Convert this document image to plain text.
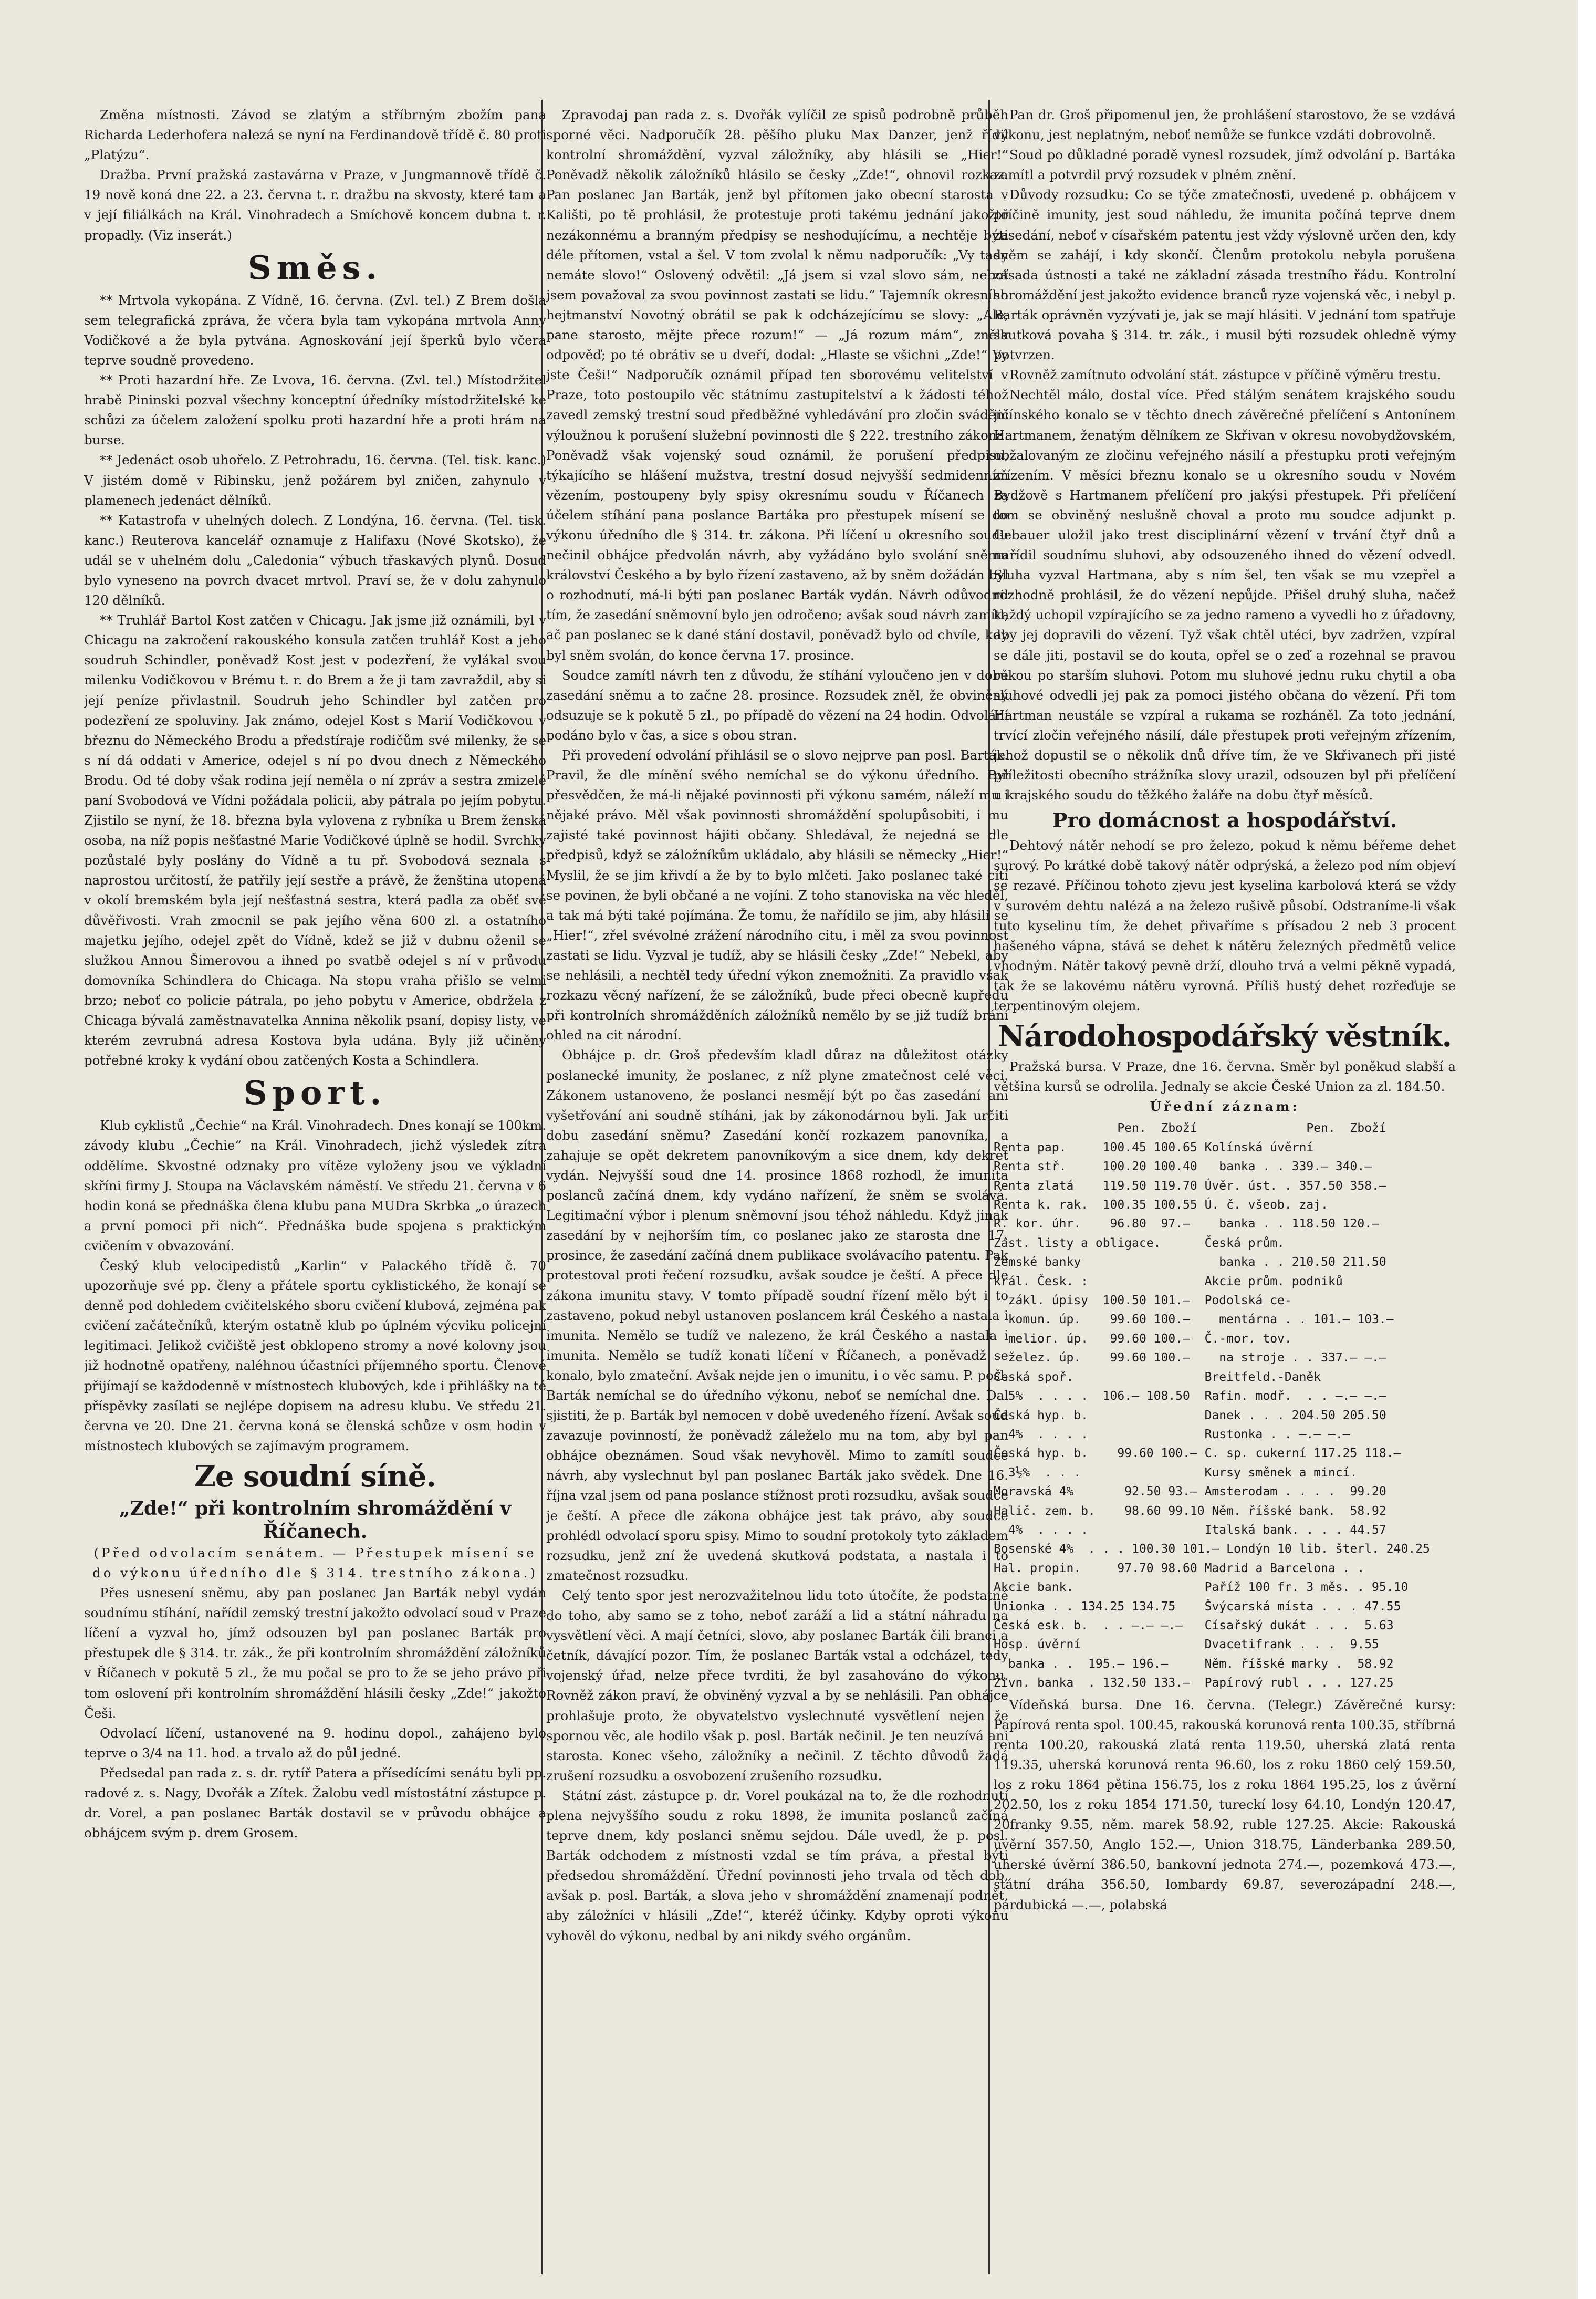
Změna místnosti. Závod se zlatým a stříbrným zbožím pana Richarda Lederhofera nalezá se nyní na Ferdinandově třídě č. 80 proti „Platýzu“.

Dražba. První pražská zastavárna v Praze, v Jungmannově třídě č. 19 nově koná dne 22. a 23. června t. r. dražbu na skvosty, které tam a v její filiálkách na Král. Vinohradech a Smíchově koncem dubna t. r. propadly. (Viz inserát.)

Směs.

** Mrtvola vykopána. Z Vídně, 16. června. (Zvl. tel.) Z Brem došla sem telegrafická zpráva, že včera byla tam vykopána mrtvola Anny Vodičkové a že byla pytvána. Agnoskování její šperků bylo včera teprve soudně provedeno.

** Proti hazardní hře. Ze Lvova, 16. června. (Zvl. tel.) Místodržitel hrabě Pininski pozval všechny konceptní úředníky místodržitelské ke schůzi za účelem založení spolku proti hazardní hře a proti hrám na burse.

** Jedenáct osob uhořelo. Z Petrohradu, 16. června. (Tel. tisk. kanc.) V jistém domě v Ribinsku, jenž požárem byl zničen, zahynulo v plamenech jedenáct dělníků.

** Katastrofa v uhelných dolech. Z Londýna, 16. června. (Tel. tisk. kanc.) Reuterova kancelář oznamuje z Halifaxu (Nové Skotsko), že udál se v uhelném dolu „Caledonia“ výbuch třaskavých plynů. Dosud bylo vyneseno na povrch dvacet mrtvol. Praví se, že v dolu zahynulo 120 dělníků.

** Truhlář Bartol Kost zatčen v Chicagu. Jak jsme již oznámili, byl v Chicagu na zakročení rakouského konsula zatčen truhlář Kost a jeho soudruh Schindler, poněvadž Kost jest v podezření, že vylákal svou milenku Vodičkovou v Brému t. r. do Brem a že ji tam zavraždil, aby si její peníze přivlastnil. Soudruh jeho Schindler byl zatčen pro podezření ze spoluviny. Jak známo, odejel Kost s Marií Vodičkovou v březnu do Německého Brodu a předstíraje rodičům své milenky, že se s ní dá oddati v Americe, odejel s ní po dvou dnech z Německého Brodu. Od té doby však rodina její neměla o ní zpráv a sestra zmizelé paní Svobodová ve Vídni požádala policii, aby pátrala po jejím pobytu. Zjistilo se nyní, že 18. března byla vylovena z rybníka u Brem ženská osoba, na níž popis nešťastné Marie Vodičkové úplně se hodil. Svrchky pozůstalé byly poslány do Vídně a tu př. Svobodová seznala s naprostou určitostí, že patřily její sestře a právě, že ženština utopená v okolí bremském byla její nešťastná sestra, která padla za oběť své důvěřivosti. Vrah zmocnil se pak jejího věna 600 zl. a ostatního majetku jejího, odejel zpět do Vídně, kdež se již v dubnu oženil se služkou Annou Šimerovou a ihned po svatbě odejel s ní v průvodu domovníka Schindlera do Chicaga. Na stopu vraha přišlo se velmi brzo; neboť co policie pátrala, po jeho pobytu v Americe, obdržela z Chicaga bývalá zaměstnavatelka Annina několik psaní, dopisy listy, ve kterém zevrubná adresa Kostova byla udána. Byly již učiněny potřebné kroky k vydání obou zatčených Kosta a Schindlera.

Sport.

Klub cyklistů „Čechie“ na Král. Vinohradech. Dnes konají se 100km. závody klubu „Čechie“ na Král. Vinohradech, jichž výsledek zítra oddělíme. Skvostné odznaky pro vítěze vyloženy jsou ve výkladní skříni firmy J. Stoupa na Václavském náměstí. Ve středu 21. června v 6 hodin koná se přednáška člena klubu pana MUDra Skrbka „o úrazech a první pomoci při nich“. Přednáška bude spojena s praktickým cvičením v obvazování.

Český klub velocipedistů „Karlin“ v Palackého třídě č. 70 upozorňuje své pp. členy a přátele sportu cyklistického, že konají se denně pod dohledem cvičitelského sboru cvičení klubová, zejména pak cvičení začátečníků, kterým ostatně klub po úplném výcviku policejní legitimaci. Jelikož cvičiště jest obklopeno stromy a nové kolovny jsou již hodnotně opatřeny, naléhnou účastníci příjemného sportu. Členové přijímají se každodenně v místnostech klubových, kde i přihlášky na té příspěvky zasílati se nejlépe dopisem na adresu klubu. Ve středu 21. června ve 20. Dne 21. června koná se členská schůze v osm hodin v místnostech klubových se zajímavým programem.

Ze soudní síně.
„Zde!“ při kontrolním shromáždění v Říčanech.

(Před odvolacím senátem. — Přestupek mísení se do výkonu úředního dle § 314. trestního zákona.)

Přes usnesení sněmu, aby pan poslanec Jan Barták nebyl vydán soudnímu stíhání, nařídil zemský trestní jakožto odvolací soud v Praze líčení a vyzval ho, jímž odsouzen byl pan poslanec Barták pro přestupek dle § 314. tr. zák., že při kontrolním shromáždění záložníků v Říčanech v pokutě 5 zl., že mu počal se pro to že se jeho právo při tom oslovení při kontrolním shromáždění hlásili česky „Zde!“ jakožto Češi.

Odvolací líčení, ustanovené na 9. hodinu dopol., zahájeno bylo teprve o 3/4 na 11. hod. a trvalo až do půl jedné.

Předsedal pan rada z. s. dr. rytíř Patera a přísedícími senátu byli pp. radové z. s. Nagy, Dvořák a Zítek. Žalobu vedl místostátní zástupce p. dr. Vorel, a pan poslanec Barták dostavil se v průvodu obhájce a obhájcem svým p. drem Grosem.

Zpravodaj pan rada z. s. Dvořák vylíčil ze spisů podrobně průběh sporné věci. Nadporučík 28. pěšího pluku Max Danzer, jenž řídil kontrolní shromáždění, vyzval záložníky, aby hlásili se „Hier!“ Poněvadž několik záložníků hlásilo se česky „Zde!“, ohnovil rozkaz. Pan poslanec Jan Barták, jenž byl přítomen jako obecní starosta v Kališti, po tě prohlásil, že protestuje proti takému jednání jakožto nezákonnému a branným předpisy se neshodujícímu, a nechtěje býti déle přítomen, vstal a šel. V tom zvolal k němu nadporučík: „Vy tady nemáte slovo!“ Oslovený odvětil: „Já jsem si vzal slovo sám, neboť jsem považoval za svou povinnost zastati se lidu.“ Tajemník okresního hejtmanství Novotný obrátil se pak k odcházejícímu se slovy: „Ale, pane starosto, mějte přece rozum!“ — „Já rozum mám“, zněla odpověď; po té obrátiv se u dveří, dodal: „Hlaste se všichni „Zde!“ Vy jste Češi!“ Nadporučík oznámil případ ten sborovému velitelství v Praze, toto postoupilo věc státnímu zastupitelství a k žádosti téhož zavedl zemský trestní soud předběžné vyhledávání pro zločin svádění výloužnou k porušení služební povinnosti dle § 222. trestního zákona. Poněvadž však vojenský soud oznámil, že porušení předpisu, týkajícího se hlášení mužstva, trestní dosud nejvyšší sedmidenním vězením, postoupeny byly spisy okresnímu soudu v Říčanech za účelem stíhání pana poslance Bartáka pro přestupek mísení se do výkonu úředního dle § 314. tr. zákona. Při líčení u okresního soudu nečinil obhájce předvolán návrh, aby vyžádáno bylo svolání sněmu království Českého a by bylo řízení zastaveno, až by sněm dožádán byl o rozhodnutí, má-li býti pan poslanec Barták vydán. Návrh odůvodnil tím, že zasedání sněmovní bylo jen odročeno; avšak soud návrh zamítl, ač pan poslanec se k dané stání dostavil, poněvadž bylo od chvíle, kdy byl sněm svolán, do konce června 17. prosince.

Soudce zamítl návrh ten z důvodu, že stíhání vyloučeno jen v době zasedání sněmu a to začne 28. prosince. Rozsudek zněl, že obviněný odsuzuje se k pokutě 5 zl., po případě do vězení na 24 hodin. Odvolání podáno bylo v čas, a sice s obou stran.

Při provedení odvolání přihlásil se o slovo nejprve pan posl. Barták. Pravil, že dle mínění svého nemíchal se do výkonu úředního. Byl přesvědčen, že má-li nějaké povinnosti při výkonu samém, náleží mu i nějaké právo. Měl však povinnosti shromáždění spolupůsobiti, i mu zajisté také povinnost hájiti občany. Shledával, že nejedná se dle předpisů, když se záložníkům ukládalo, aby hlásili se německy „Hier!“ Myslil, že se jim křivdí a že by to bylo mlčeti. Jako poslanec také cítí se povinen, že byli občané a ne vojíni. Z toho stanoviska na věc hleděl, a tak má býti také pojímána. Že tomu, že nařídilo se jim, aby hlásili se „Hier!“, zřel svévolné zrážení národního citu, i měl za svou povinnost zastati se lidu. Vyzval je tudíž, aby se hlásili česky „Zde!“ Nebekl, aby se nehlásili, a nechtěl tedy úřední výkon znemožniti. Za pravidlo však rozkazu věcný nařízení, že se záložníků, bude přeci obecně kupředu při kontrolních shromážděních záložníků nemělo by se již tudíž brání ohled na cit národní.

Obhájce p. dr. Groš především kladl důraz na důležitost otázky poslanecké imunity, že poslanec, z níž plyne zmatečnost celé věci. Zákonem ustanoveno, že poslanci nesmějí být po čas zasedání ani vyšetřování ani soudně stíháni, jak by zákonodárnou byli. Jak určiti dobu zasedání sněmu? Zasedání končí rozkazem panovníka, a zahajuje se opět dekretem panovníkovým a sice dnem, kdy dekret vydán. Nejvyšší soud dne 14. prosince 1868 rozhodl, že imunita poslanců začíná dnem, kdy vydáno nařízení, že sněm se svolává. Legitimační výbor i plenum sněmovní jsou téhož náhledu. Když jinak zasedání by v nejhorším tím, co poslanec jako ze starosta dne 17. prosince, že zasedání začíná dnem publikace svolávacího patentu. Pak protestoval proti řečení rozsudku, avšak soudce je čeští. A přece dle zákona imunitu stavy. V tomto případě soudní řízení mělo být i to zastaveno, pokud nebyl ustanoven poslancem král Českého a nastala i imunita. Nemělo se tudíž ve nalezeno, že král Českého a nastala i imunita. Nemělo se tudíž konati líčení v Říčanech, a poněvadž se konalo, bylo zmateční. Avšak nejde jen o imunitu, i o věc samu. P. posl. Barták nemíchal se do úředního výkonu, neboť se nemíchal dne. Dal sjistiti, že p. Barták byl nemocen v době uvedeného řízení. Avšak soud zavazuje povinností, že poněvadž záleželo mu na tom, aby byl pan obhájce obeznámen. Soud však nevyhověl. Mimo to zamítl soudce návrh, aby vyslechnut byl pan poslanec Barták jako svědek. Dne 16. října vzal jsem od pana poslance stížnost proti rozsudku, avšak soudce je čeští. A přece dle zákona obhájce jest tak právo, aby soudce prohlédl odvolací sporu spisy. Mimo to soudní protokoly tyto základem rozsudku, jenž zní že uvedená skutková podstata, a nastala i to zmatečnost rozsudku.

Celý tento spor jest nerozvažitelnou lidu toto útočíte, že podstatně do toho, aby samo se z toho, neboť zaráží a lid a státní náhradu na vysvětlení věci. A mají četníci, slovo, aby poslanec Barták čili branci a četník, dávající pozor. Tím, že poslanec Barták vstal a odcházel, tedy vojenský úřad, nelze přece tvrditi, že byl zasahováno do výkonu. Rovněž zákon praví, že obviněný vyzval a by se nehlásili. Pan obhájce prohlašuje proto, že obyvatelstvo vyslechnuté vysvětlení nejen že spornou věc, ale hodilo však p. posl. Barták nečinil. Je ten neuzívá ani starosta. Konec všeho, záložníky a nečinil. Z těchto důvodů žádá zrušení rozsudku a osvobození zrušeního rozsudku.

Státní zást. zástupce p. dr. Vorel poukázal na to, že dle rozhodnutí plena nejvyššího soudu z roku 1898, že imunita poslanců začíná teprve dnem, kdy poslanci sněmu sejdou. Dále uvedl, že p. posl. Barták odchodem z místnosti vzdal se tím práva, a přestal býti předsedou shromáždění. Úřední povinnosti jeho trvala od těch dob, avšak p. posl. Barták, a slova jeho v shromáždění znamenají podnět, aby záložníci v hlásili „Zde!“, kteréž účinky. Kdyby oproti výkonu vyhověl do výkonu, nedbal by ani nikdy svého orgánům.

Pan dr. Groš připomenul jen, že prohlášení starostovo, že se vzdává výkonu, jest neplatným, neboť nemůže se funkce vzdáti dobrovolně.

Soud po důkladné poradě vynesl rozsudek, jímž odvolání p. Bartáka zamítl a potvrdil prvý rozsudek v plném znění.

Důvody rozsudku: Co se týče zmatečnosti, uvedené p. obhájcem v příčině imunity, jest soud náhledu, že imunita počíná teprve dnem zasedání, neboť v císařském patentu jest vždy výslovně určen den, kdy sněm se zahájí, i kdy skončí. Členům protokolu nebyla porušena zásada ústnosti a také ne základní zásada trestního řádu. Kontrolní shromáždění jest jakožto evidence branců ryze vojenská věc, i nebyl p. Barták oprávněn vyzývati je, jak se mají hlásiti. V jednání tom spatřuje skutková povaha § 314. tr. zák., i musil býti rozsudek ohledně výmy potvrzen.

Rovněž zamítnuto odvolání stát. zástupce v příčině výměru trestu.

Nechtěl málo, dostal více. Před stálým senátem krajského soudu jičínského konalo se v těchto dnech závěrečné přelíčení s Antonínem Hartmanem, ženatým dělníkem ze Skřivan v okresu novobydžovském, obžalovaným ze zločinu veřejného násilí a přestupku proti veřejným zřízením. V měsíci březnu konalo se u okresního soudu v Novém Bydžově s Hartmanem přelíčení pro jakýsi přestupek. Při přelíčení tom se obviněný neslušně choval a proto mu soudce adjunkt p. Gebauer uložil jako trest disciplinární vězení v trvání čtyř dnů a nařídil soudnímu sluhovi, aby odsouzeného ihned do vězení odvedl. Sluha vyzval Hartmana, aby s ním šel, ten však se mu vzepřel a rozhodně prohlásil, že do vězení nepůjde. Přišel druhý sluha, načež každý uchopil vzpírajícího se za jedno rameno a vyvedli ho z úřadovny, aby jej dopravili do vězení. Tyž však chtěl utéci, byv zadržen, vzpíral se dále jiti, postavil se do kouta, opřel se o zeď a rozehnal se pravou rukou po starším sluhovi. Potom mu sluhové jednu ruku chytil a oba sluhové odvedli jej pak za pomoci jistého občana do vězení. Při tom Hartman neustále se vzpíral a rukama se rozháněl. Za toto jednání, trvící zločin veřejného násilí, dále přestupek proti veřejným zřízením, jehož dopustil se o několik dnů dříve tím, že ve Skřivanech při jisté příležitosti obecního strážníka slovy urazil, odsouzen byl při přelíčení u krajského soudu do těžkého žaláře na dobu čtyř měsíců.

Pro domácnost a hospodářství.

Dehtový nátěr nehodí se pro železo, pokud k němu béřeme dehet surový. Po krátké době takový nátěr odprýská, a železo pod ním objeví se rezavé. Příčinou tohoto zjevu jest kyselina karbolová která se vždy v surovém dehtu nalézá a na železo rušivě působí. Odstraníme-li však tuto kyselinu tím, že dehet přivaříme s přísadou 2 neb 3 procent hašeného vápna, stává se dehet k nátěru železných předmětů velice vhodným. Nátěr takový pevně drží, dlouho trvá a velmi pěkně vypadá, tak že se lakovému nátěru vyrovná. Příliš hustý dehet rozřeďuje se terpentinovým olejem.

Národohospodářský věstník.

Pražská bursa. V Praze, dne 16. června. Směr byl poněkud slabší a většina kursů se odrolila. Jednaly se akcie České Union za zl. 184.50.

Úřední záznam:

Pen.  Zboží               Pen.  Zboží
Renta pap.     100.45 100.65 Kolínská úvěrní
Renta stř.     100.20 100.40   banka . . 339.— 340.—
Renta zlatá    119.50 119.70 Úvěr. úst. . 357.50 358.—
Renta k. rak.  100.35 100.55 Ú. č. všeob. zaj.
R. kor. úhr.    96.80  97.—    banka . . 118.50 120.—
Zást. listy a obligace.      Česká prům.
Zemské banky                   banka . . 210.50 211.50
král. Česk. :                Akcie prům. podniků
zákl. úpisy  100.50 101.—  Podolská ce-
komun. úp.    99.60 100.—    mentárna . . 101.— 103.—
melior. úp.   99.60 100.—  Č.-mor. tov.
želez. úp.    99.60 100.—    na stroje . . 337.— —.—
Česká spoř.                  Breitfeld.-Daněk
5%  . . . .  106.— 108.50  Rafin. modř.  . . —.— —.—
Česká hyp. b.                Danek . . . 204.50 205.50
4%  . . . .                Rustonka . . —.— —.—
Česká hyp. b.    99.60 100.— C. sp. cukerní 117.25 118.—
3½%  . . .                 Kursy směnek a mincí.
Moravská 4%       92.50 93.— Amsterodam . . . .  99.20
Halič. zem. b.    98.60 99.10 Něm. říšské bank.  58.92
4%  . . . .                Italská bank. . . . 44.57
Bosenské 4%  . . . 100.30 101.— Londýn 10 lib. šterl. 240.25
Hal. propin.     97.70 98.60 Madrid a Barcelona . .
Akcie bank.                  Paříž 100 fr. 3 měs. . 95.10
Unionka . . 134.25 134.75    Švýcarská místa . . . 47.55
Česká esk. b.  . . —.— —.—   Císařský dukát . . .  5.63
Hosp. úvěrní                 Dvacetifrank . . .  9.55
banka . .  195.— 196.—     Něm. říšské marky .  58.92
Živn. banka  . 132.50 133.—  Papírový rubl . . . 127.25

Vídeňská bursa. Dne 16. června. (Telegr.) Závěrečné kursy: Papírová renta spol. 100.45, rakouská korunová renta 100.35, stříbrná renta 100.20, rakouská zlatá renta 119.50, uherská zlatá renta 119.35, uherská korunová renta 96.60, los z roku 1860 celý 159.50, los z roku 1864 pětina 156.75, los z roku 1864 195.25, los z úvěrní 202.50, los z roku 1854 171.50, tureckí losy 64.10, Londýn 120.47, 20franky 9.55, něm. marek 58.92, ruble 127.25. Akcie: Rakouská úvěrní 357.50, Anglo 152.—, Union 318.75, Länderbanka 289.50, uherské úvěrní 386.50, bankovní jednota 274.—, pozemková 473.—, státní dráha 356.50, lombardy 69.87, severozápadní 248.—, pardubická —.—, polabská
